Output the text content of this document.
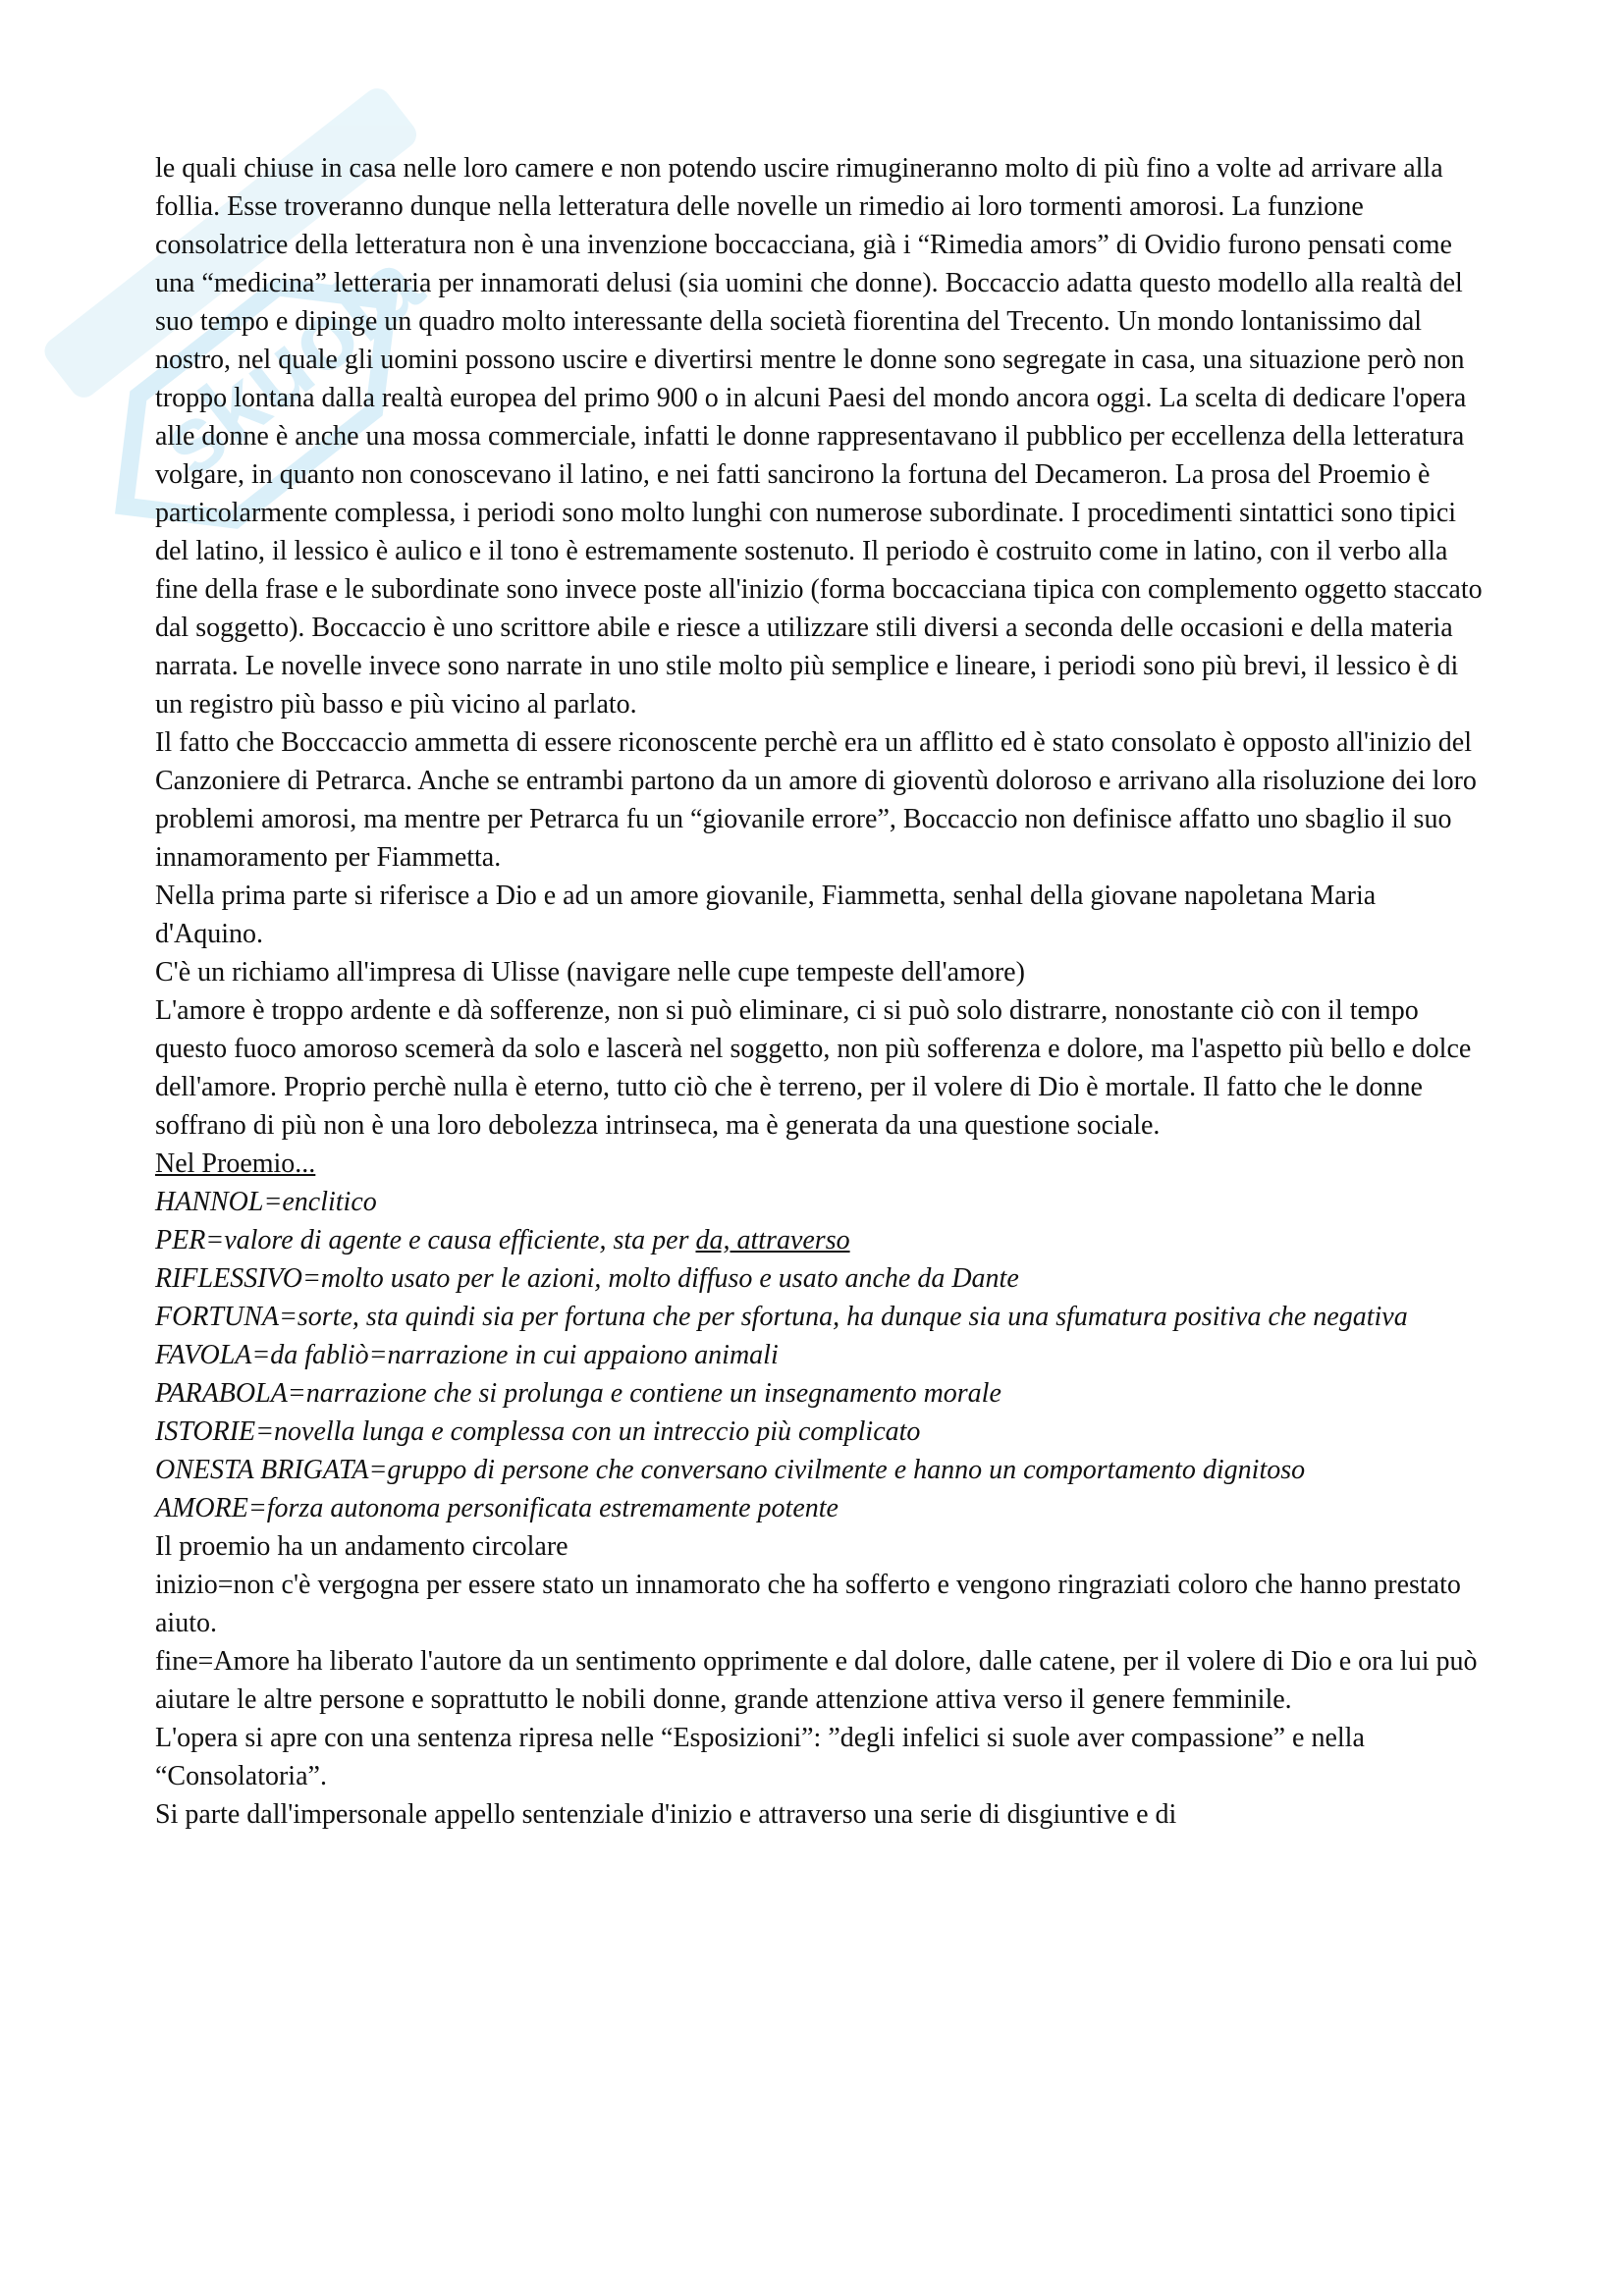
skuola

le quali chiuse in casa nelle loro camere e non potendo uscire rimugineranno molto di più fino a volte ad arrivare alla follia. Esse troveranno dunque nella letteratura delle novelle un rimedio ai loro tormenti amorosi. La funzione consolatrice della letteratura non è una invenzione boccacciana, già i “Rimedia amors” di Ovidio furono pensati come una “medicina” letteraria per innamorati delusi (sia uomini che donne). Boccaccio adatta questo modello alla realtà del suo tempo e dipinge un quadro molto interessante della società fiorentina del Trecento. Un mondo lontanissimo dal nostro, nel quale gli uomini possono uscire e divertirsi mentre le donne sono segregate in casa, una situazione però non troppo lontana dalla realtà europea del primo 900 o in alcuni Paesi del mondo ancora oggi. La scelta di dedicare l'opera alle donne è anche una mossa commerciale, infatti le donne rappresentavano il pubblico per eccellenza della letteratura volgare, in quanto non conoscevano il latino, e nei fatti sancirono la fortuna del Decameron. La prosa del Proemio è particolarmente complessa, i periodi sono molto lunghi con numerose subordinate. I procedimenti sintattici sono tipici del latino, il lessico è aulico e il tono è estremamente sostenuto. Il periodo è costruito come in latino, con il verbo alla fine della frase e le subordinate sono invece poste all'inizio (forma boccacciana tipica con complemento oggetto staccato dal soggetto). Boccaccio è uno scrittore abile e riesce a utilizzare stili diversi a seconda delle occasioni e della materia narrata. Le novelle invece sono narrate in uno stile molto più semplice e lineare, i periodi sono più brevi, il lessico è di un registro più basso e più vicino al parlato.

Il fatto che Bocccaccio ammetta di essere riconoscente perchè era un afflitto ed è stato consolato è opposto all'inizio del Canzoniere di Petrarca. Anche se entrambi partono da un amore di gioventù doloroso e arrivano alla risoluzione dei loro problemi amorosi, ma mentre per Petrarca fu un “giovanile errore”, Boccaccio non definisce affatto uno sbaglio il suo innamoramento per Fiammetta.

Nella prima parte si riferisce a Dio e ad un amore giovanile, Fiammetta, senhal della giovane napoletana Maria d'Aquino.

C'è un richiamo all'impresa di Ulisse (navigare nelle cupe tempeste dell'amore)

L'amore è troppo ardente e dà sofferenze, non si può eliminare, ci si può solo distrarre, nonostante ciò con il tempo questo fuoco amoroso scemerà da solo e lascerà nel soggetto, non più sofferenza e dolore, ma l'aspetto più bello e dolce dell'amore. Proprio perchè nulla è eterno, tutto ciò che è terreno, per il volere di Dio è mortale. Il fatto che le donne soffrano di più non è una loro debolezza intrinseca, ma è generata da una questione sociale.

Nel Proemio...

HANNOL=enclitico

PER=valore di agente e causa efficiente, sta per da, attraverso

RIFLESSIVO=molto usato per le azioni, molto diffuso e usato anche da Dante

FORTUNA=sorte, sta quindi sia per fortuna che per sfortuna, ha dunque sia una sfumatura positiva che negativa

FAVOLA=da fabliò=narrazione in cui appaiono animali

PARABOLA=narrazione che si prolunga e contiene un insegnamento morale

ISTORIE=novella lunga e complessa con un intreccio più complicato

ONESTA BRIGATA=gruppo di persone che conversano civilmente e hanno un comportamento dignitoso

AMORE=forza autonoma personificata estremamente potente

Il proemio ha un andamento circolare

inizio=non c'è vergogna per essere stato un innamorato che ha sofferto e vengono ringraziati coloro che hanno prestato aiuto.

fine=Amore ha liberato l'autore da un sentimento opprimente e dal dolore, dalle catene, per il volere di Dio e ora lui può aiutare le altre persone e soprattutto le nobili donne, grande attenzione attiva verso il genere femminile.

L'opera si apre con una sentenza ripresa nelle “Esposizioni”: ”degli infelici si suole aver compassione” e nella “Consolatoria”.

Si parte dall'impersonale appello sentenziale d'inizio e attraverso una serie di disgiuntive e di
